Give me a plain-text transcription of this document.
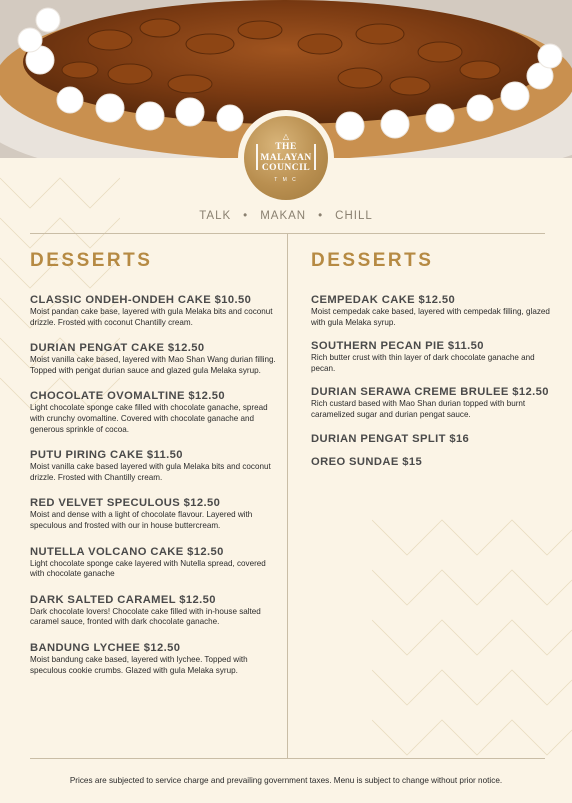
△
THE
MALAYAN
COUNCIL
T M C
TALK • MAKAN • CHILL
DESSERTS
CLASSIC ONDEH-ONDEH CAKE $10.50
Moist pandan cake base, layered with gula Melaka bits and coconut drizzle. Frosted with coconut Chantilly cream.
DURIAN PENGAT CAKE $12.50
Moist vanilla cake based, layered with Mao Shan Wang durian filling. Topped with pengat durian sauce and glazed gula Melaka syrup.
CHOCOLATE OVOMALTINE $12.50
Light chocolate sponge cake filled with chocolate ganache, spread with crunchy ovomaltine. Covered with chocolate ganache and generous sprinkle of cocoa.
PUTU PIRING CAKE $11.50
Moist vanilla cake based layered with gula Melaka bits and coconut drizzle. Frosted with Chantilly cream.
RED VELVET SPECULOUS $12.50
Moist and dense with a light of chocolate flavour. Layered with speculous and frosted with our in house buttercream.
NUTELLA VOLCANO CAKE $12.50
Light chocolate sponge cake layered with Nutella spread, covered with chocolate ganache
DARK SALTED CARAMEL $12.50
Dark chocolate lovers! Chocolate cake filled with in-house salted caramel sauce, fronted with dark chocolate ganache.
BANDUNG LYCHEE $12.50
Moist bandung cake based, layered with lychee. Topped with speculous cookie crumbs. Glazed with gula Melaka syrup.
DESSERTS
CEMPEDAK CAKE $12.50
Moist cempedak cake based, layered with cempedak filling, glazed with gula Melaka syrup.
SOUTHERN PECAN PIE $11.50
Rich butter crust with thin layer of dark chocolate ganache and pecan.
DURIAN SERAWA CREME BRULEE $12.50
Rich custard based with Mao Shan durian topped with burnt caramelized sugar and durian pengat sauce.
DURIAN PENGAT SPLIT $16
OREO SUNDAE $15
Prices are subjected to service charge and prevailing government taxes. Menu is subject to change without prior notice.
